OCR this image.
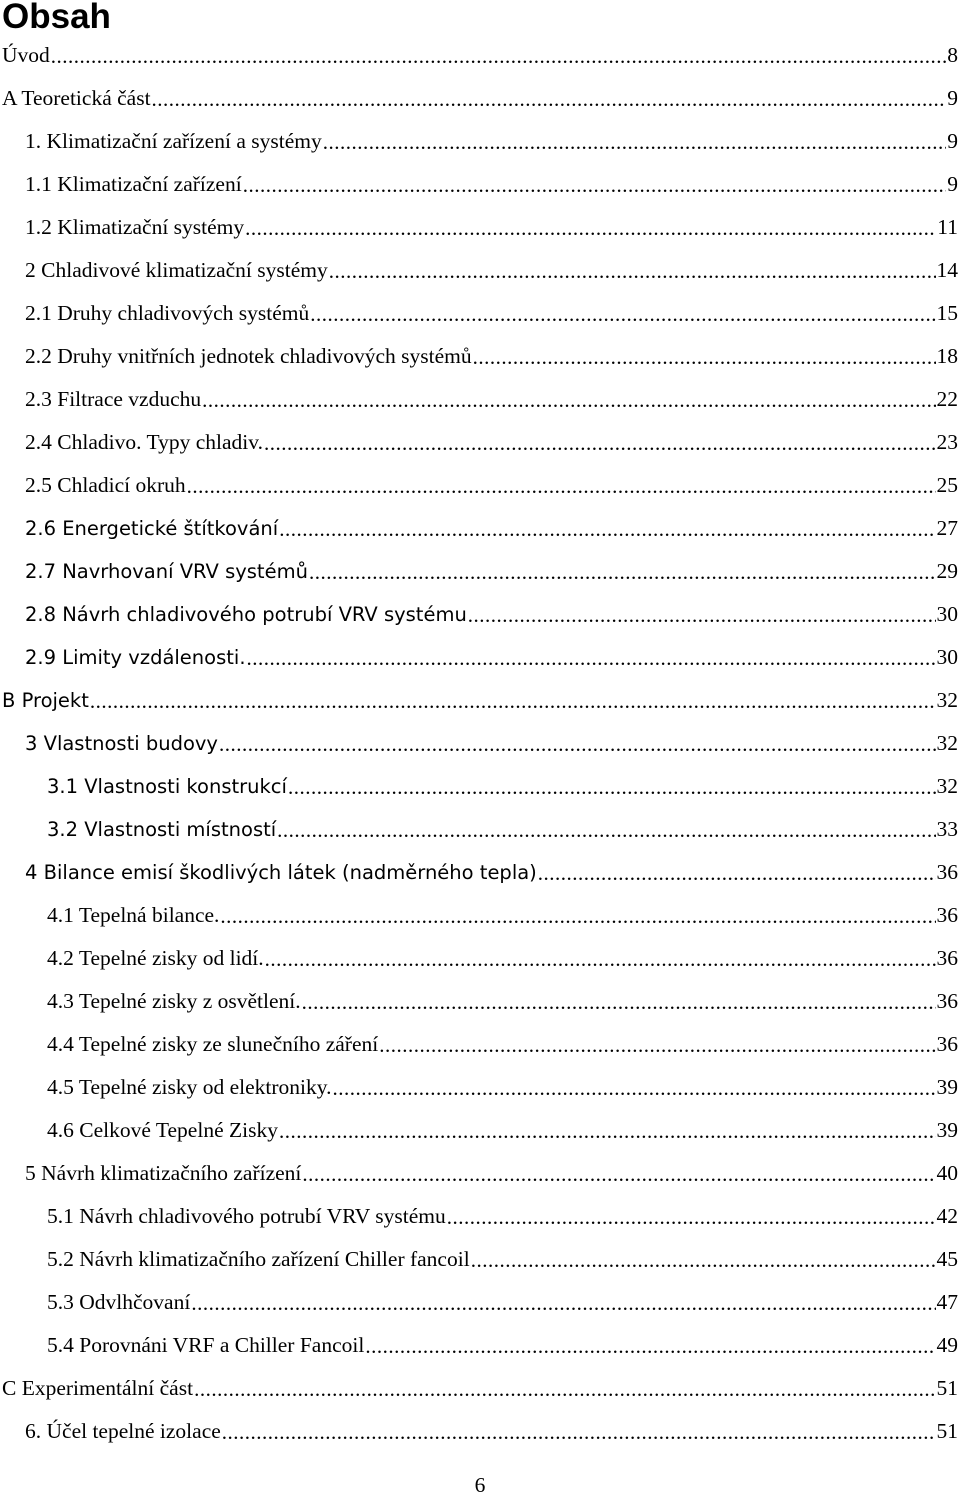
Obsah
Úvod .....	8
A Teoretická část .....	9
1. Klimatizační zařízení a systémy .....	9
1.1 Klimatizační zařízení .....	9
1.2 Klimatizační systémy .....	11
2 Chladivové klimatizační systémy .....	14
2.1 Druhy chladivových systémů .....	15
2.2 Druhy vnitřních jednotek chladivových systémů .....	18
2.3 Filtrace vzduchu .....	22
2.4 Chladivo. Typy chladiv. .....	23
2.5 Chladicí okruh .....	25
2.6 Energetické štítkování .....	27
2.7 Navrhovaní VRV systémů .....	29
2.8 Návrh chladivového potrubí VRV systému .....	30
2.9 Limity vzdálenosti. .....	30
B Projekt .....	32
3 Vlastnosti budovy .....	32
3.1 Vlastnosti konstrukcí .....	32
3.2 Vlastnosti místností .....	33
4 Bilance emisí škodlivých látek (nadměrného tepla) .....	36
4.1 Tepelná bilance. .....	36
4.2 Tepelné zisky od lidí. .....	36
4.3 Tepelné zisky z osvětlení. .....	36
4.4 Tepelné zisky ze slunečního záření .....	36
4.5 Tepelné zisky od elektroniky. .....	39
4.6 Celkové Tepelné Zisky .....	39
5 Návrh klimatizačního zařízení .....	40
5.1 Návrh chladivového potrubí VRV systému .....	42
5.2 Návrh klimatizačního zařízení Chiller fancoil .....	45
5.3 Odvlhčovaní .....	47
5.4 Porovnáni VRF a Chiller Fancoil .....	49
C Experimentální část .....	51
6. Účel tepelné izolace .....	51
6
